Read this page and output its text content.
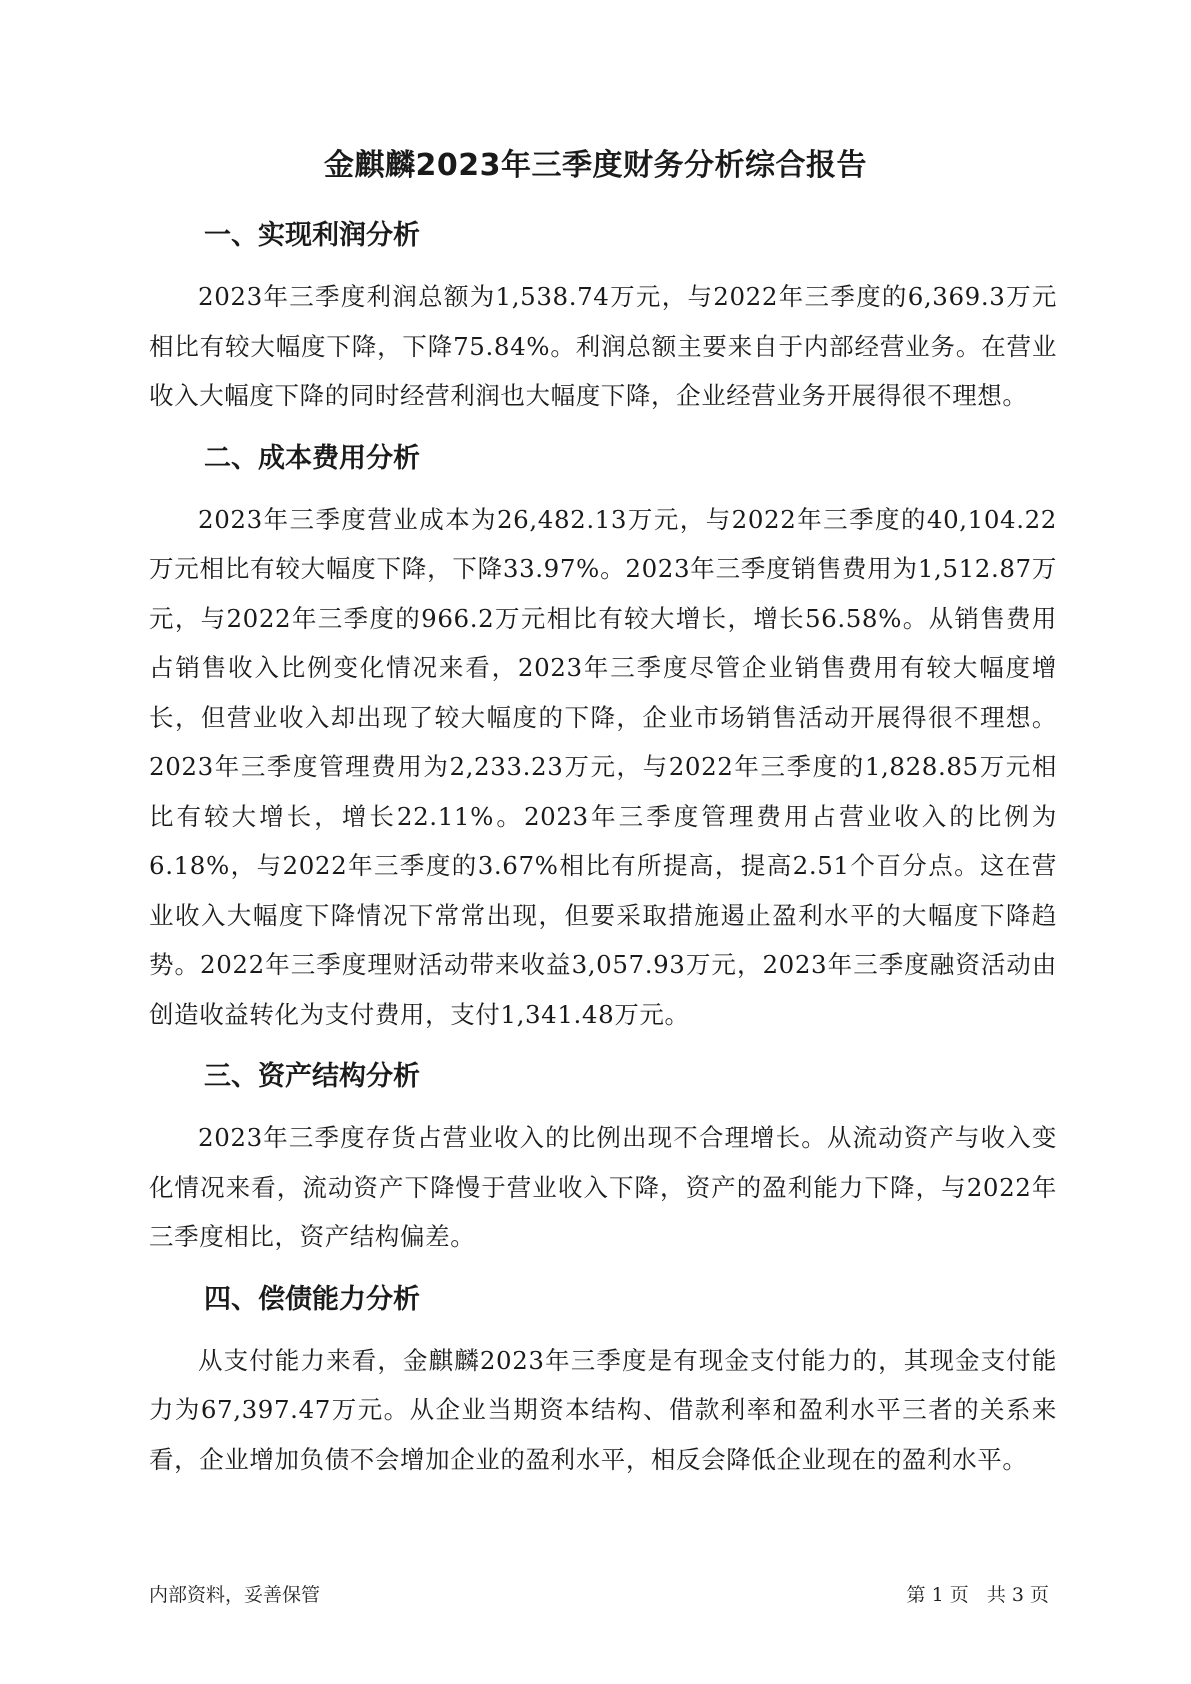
金麒麟2023年三季度财务分析综合报告
一、实现利润分析

2023年三季度利润总额为1,538.74万元，与2022年三季度的6,369.3万元相比有较大幅度下降，下降75.84%。利润总额主要来自于内部经营业务。在营业收入大幅度下降的同时经营利润也大幅度下降，企业经营业务开展得很不理想。

二、成本费用分析

2023年三季度营业成本为26,482.13万元，与2022年三季度的40,104.22万元相比有较大幅度下降，下降33.97%。2023年三季度销售费用为1,512.87万元，与2022年三季度的966.2万元相比有较大增长，增长56.58%。从销售费用占销售收入比例变化情况来看，2023年三季度尽管企业销售费用有较大幅度增长，但营业收入却出现了较大幅度的下降，企业市场销售活动开展得很不理想。2023年三季度管理费用为2,233.23万元，与2022年三季度的1,828.85万元相比有较大增长，增长22.11%。2023年三季度管理费用占营业收入的比例为6.18%，与2022年三季度的3.67%相比有所提高，提高2.51个百分点。这在营业收入大幅度下降情况下常常出现，但要采取措施遏止盈利水平的大幅度下降趋势。2022年三季度理财活动带来收益3,057.93万元，2023年三季度融资活动由创造收益转化为支付费用，支付1,341.48万元。

三、资产结构分析

2023年三季度存货占营业收入的比例出现不合理增长。从流动资产与收入变化情况来看，流动资产下降慢于营业收入下降，资产的盈利能力下降，与2022年三季度相比，资产结构偏差。

四、偿债能力分析

从支付能力来看，金麒麟2023年三季度是有现金支付能力的，其现金支付能力为67,397.47万元。从企业当期资本结构、借款利率和盈利水平三者的关系来看，企业增加负债不会增加企业的盈利水平，相反会降低企业现在的盈利水平。

内部资料，妥善保管	第 1 页   共 3 页
